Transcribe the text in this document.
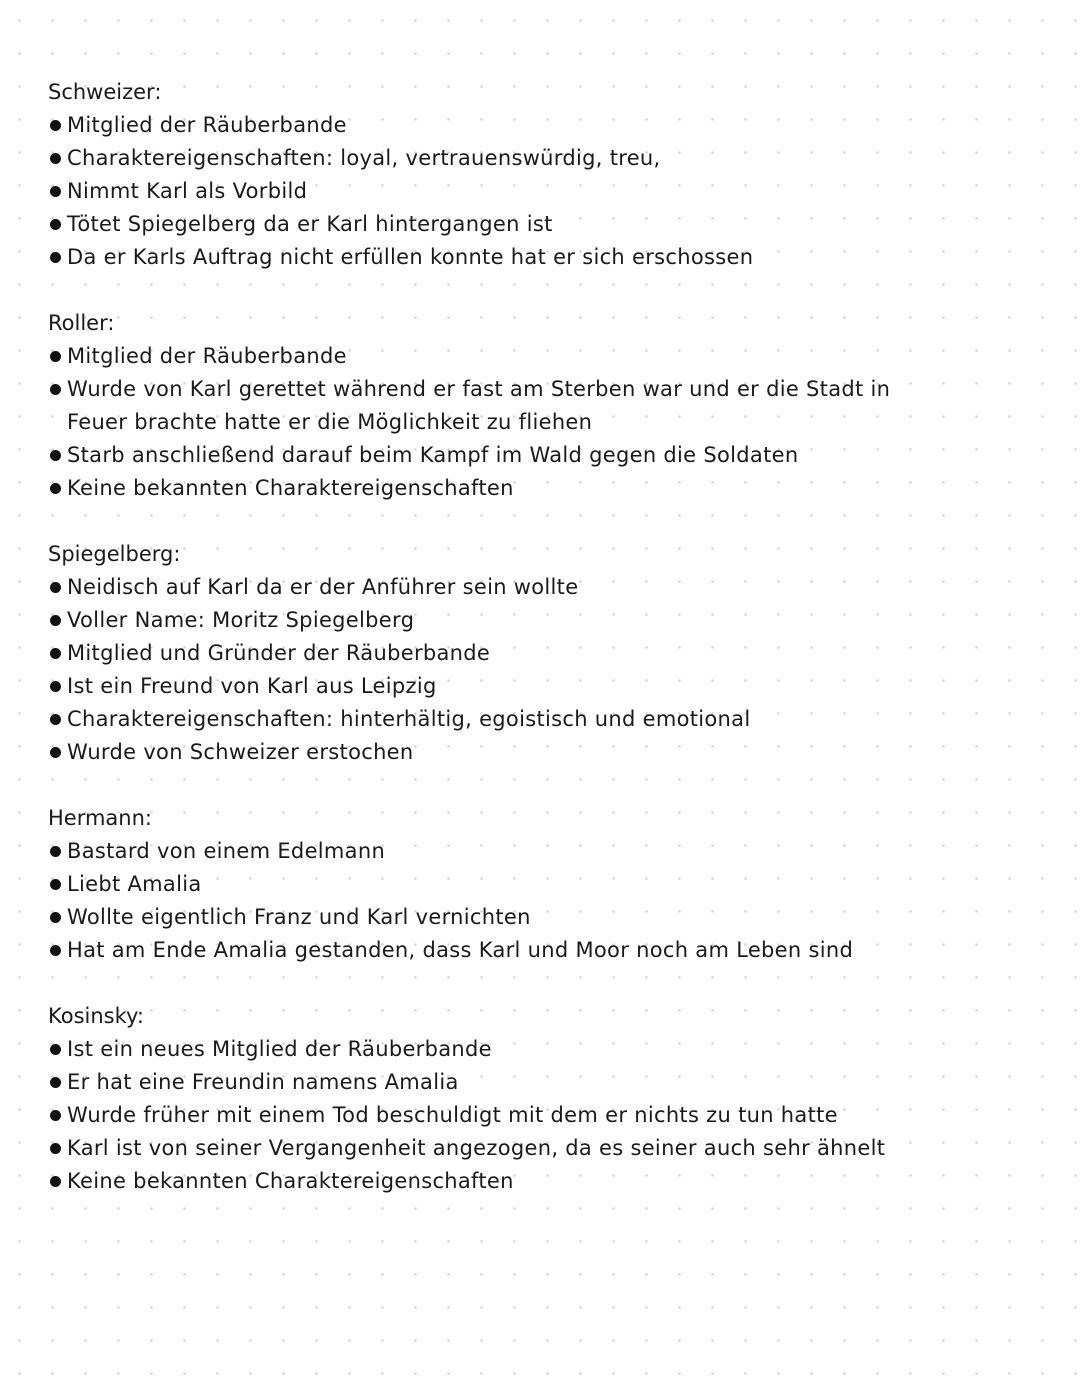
Schweizer:
Mitglied der Räuberbande
Charaktereigenschaften: loyal, vertrauenswürdig, treu,
Nimmt Karl als Vorbild
Tötet Spiegelberg da er Karl hintergangen ist
Da er Karls Auftrag nicht erfüllen konnte hat er sich erschossen
Roller:
Mitglied der Räuberbande
Wurde von Karl gerettet während er fast am Sterben war und er die Stadt in Feuer brachte hatte er die Möglichkeit zu fliehen
Starb anschließend darauf beim Kampf im Wald gegen die Soldaten
Keine bekannten Charaktereigenschaften
Spiegelberg:
Neidisch auf Karl da er der Anführer sein wollte
Voller Name: Moritz Spiegelberg
Mitglied und Gründer der Räuberbande
Ist ein Freund von Karl aus Leipzig
Charaktereigenschaften: hinterhältig, egoistisch und emotional
Wurde von Schweizer erstochen
Hermann:
Bastard von einem Edelmann
Liebt Amalia
Wollte eigentlich Franz und Karl vernichten
Hat am Ende Amalia gestanden, dass Karl und Moor noch am Leben sind
Kosinsky:
Ist ein neues Mitglied der Räuberbande
Er hat eine Freundin namens Amalia
Wurde früher mit einem Tod beschuldigt mit dem er nichts zu tun hatte
Karl ist von seiner Vergangenheit angezogen, da es seiner auch sehr ähnelt
Keine bekannten Charaktereigenschaften
